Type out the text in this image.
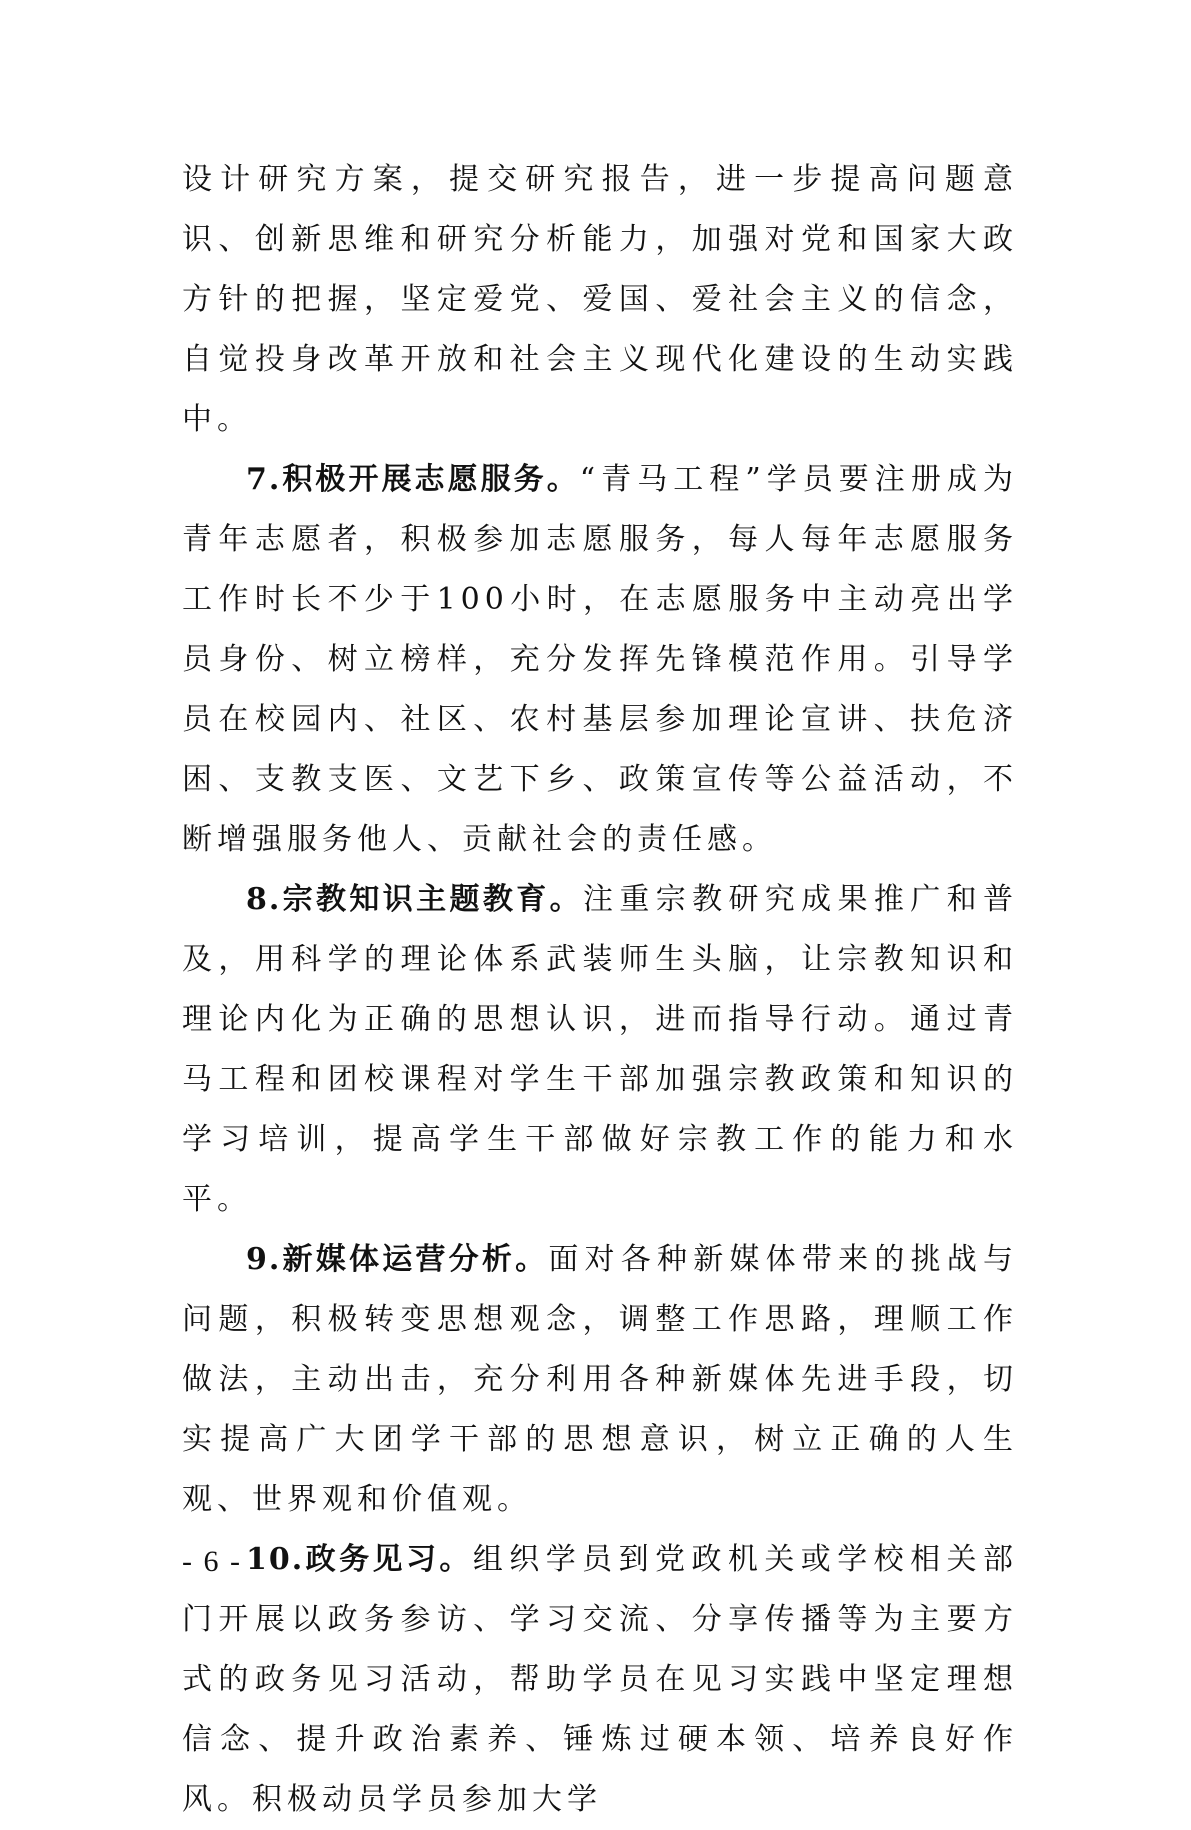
设计研究方案，提交研究报告，进一步提高问题意识、创新思维和研究分析能力，加强对党和国家大政方针的把握，坚定爱党、爱国、爱社会主义的信念，自觉投身改革开放和社会主义现代化建设的生动实践中。

7.积极开展志愿服务。“青马工程”学员要注册成为青年志愿者，积极参加志愿服务，每人每年志愿服务工作时长不少于100小时，在志愿服务中主动亮出学员身份、树立榜样，充分发挥先锋模范作用。引导学员在校园内、社区、农村基层参加理论宣讲、扶危济困、支教支医、文艺下乡、政策宣传等公益活动，不断增强服务他人、贡献社会的责任感。

8.宗教知识主题教育。注重宗教研究成果推广和普及，用科学的理论体系武装师生头脑，让宗教知识和理论内化为正确的思想认识，进而指导行动。通过青马工程和团校课程对学生干部加强宗教政策和知识的学习培训，提高学生干部做好宗教工作的能力和水平。

9.新媒体运营分析。面对各种新媒体带来的挑战与问题，积极转变思想观念，调整工作思路，理顺工作做法，主动出击，充分利用各种新媒体先进手段，切实提高广大团学干部的思想意识，树立正确的人生观、世界观和价值观。

10.政务见习。组织学员到党政机关或学校相关部门开展以政务参访、学习交流、分享传播等为主要方式的政务见习活动，帮助学员在见习实践中坚定理想信念、提升政治素养、锤炼过硬本领、培养良好作风。积极动员学员参加大学

- 6 -
